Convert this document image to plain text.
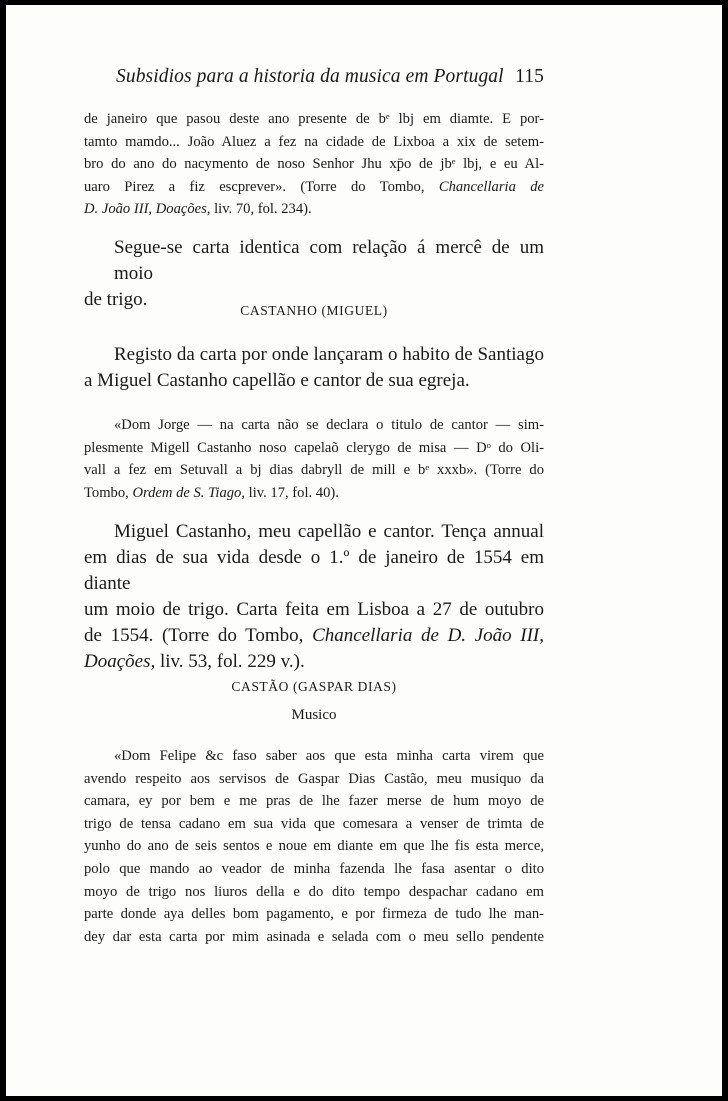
Subsidios para a historia da musica em Portugal 115
de janeiro que pasou deste ano presente de bᵉ lbj em diamte. E por-
tamto mamdo... João Aluez a fez na cidade de Lixboa a xix de setem-
bro do ano do nacymento de noso Senhor Jhu xp̄o de jbᵉ lbj, e eu Al-
uaro Pirez a fiz escprever». (Torre do Tombo, Chancellaria de
D. João III, Doações, liv. 70, fol. 234).
Segue-se carta identica com relação á mercê de um moio
de trigo.
CASTANHO (MIGUEL)
Registo da carta por onde lançaram o habito de Santiago
a Miguel Castanho capellão e cantor de sua egreja.
«Dom Jorge — na carta não se declara o titulo de cantor — sim-
plesmente Migell Castanho noso capelaõ clerygo de misa — Dᵒ do Oli-
vall a fez em Setuvall a bj dias dabryll de mill e bᵉ xxxb». (Torre do
Tombo, Ordem de S. Tiago, liv. 17, fol. 40).
Miguel Castanho, meu capellão e cantor. Tença annual
em dias de sua vida desde o 1.º de janeiro de 1554 em diante
um moio de trigo. Carta feita em Lisboa a 27 de outubro
de 1554. (Torre do Tombo, Chancellaria de D. João III,
Doações, liv. 53, fol. 229 v.).
CASTÃO (GASPAR DIAS)
Musico
«Dom Felipe &c faso saber aos que esta minha carta virem que
avendo respeito aos servisos de Gaspar Dias Castão, meu musiquo da
camara, ey por bem e me pras de lhe fazer merse de hum moyo de
trigo de tensa cadano em sua vida que comesara a venser de trimta de
yunho do ano de seis sentos e noue em diante em que lhe fis esta merce,
polo que mando ao veador de minha fazenda lhe fasa asentar o dito
moyo de trigo nos liuros della e do dito tempo despachar cadano em
parte donde aya delles bom pagamento, e por firmeza de tudo lhe man-
dey dar esta carta por mim asinada e selada com o meu sello pendente
